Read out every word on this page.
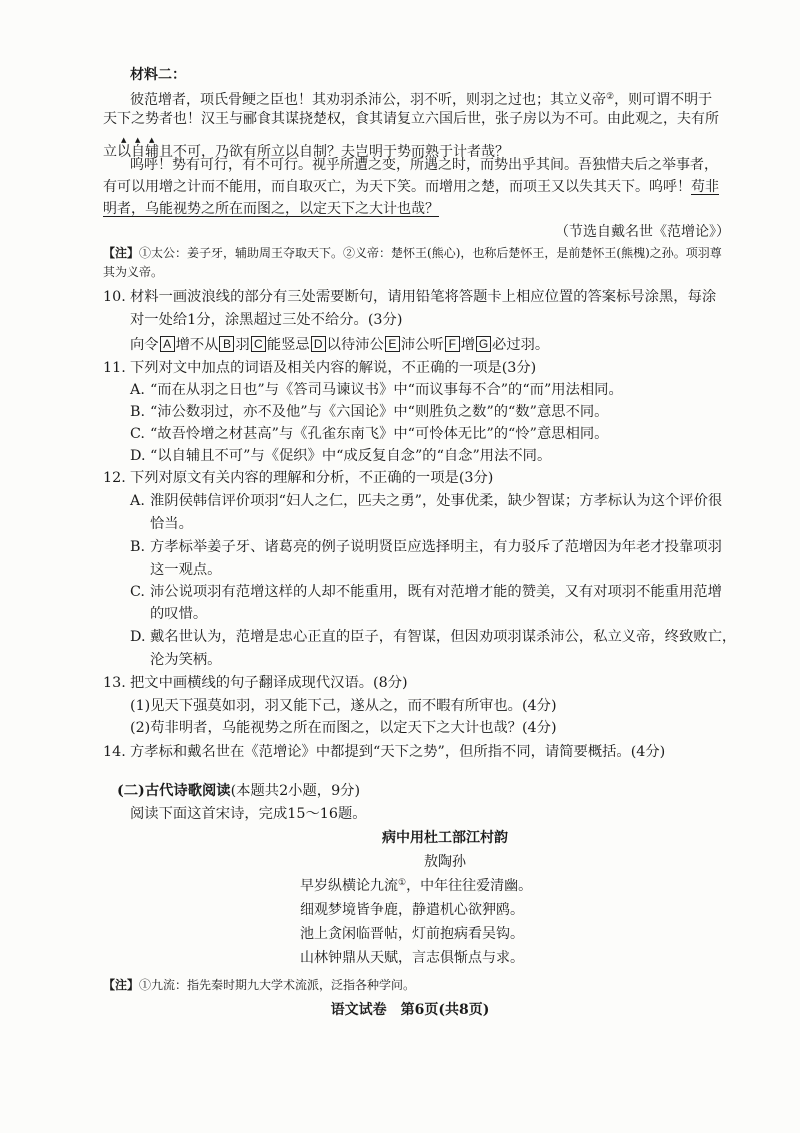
材料二：
彼范增者，项氏骨鲠之臣也！其劝羽杀沛公，羽不听，则羽之过也；其立义帝②，则可谓不明于
天下之势者也！汉王与郦食其谋挠楚权，食其请复立六国后世，张子房以为不可。由此观之，夫有所
立以自辅且不可，乃欲有所立以自制？夫岂明于势而熟于计者哉？
呜呼！势有可行，有不可行。视乎所遭之变，所遇之时，而势出乎其间。吾独惜夫后之举事者，
有可以用增之计而不能用，而自取灭亡，为天下笑。而增用之楚，而项王又以失其天下。呜呼！苟非
明者，乌能视势之所在而图之，以定天下之大计也哉？
（节选自戴名世《范增论》）
【注】①太公：姜子牙，辅助周王夺取天下。②义帝：楚怀王(熊心)，也称后楚怀王，是前楚怀王(熊槐)之孙。项羽尊
其为义帝。
10. 材料一画波浪线的部分有三处需要断句，请用铅笔将答题卡上相应位置的答案标号涂黑，每涂
对一处给1分，涂黑超过三处不给分。(3分)
向令 A 增不从 B 羽 C 能竖忌 D 以待沛公 E 沛公听 F 增 G 必过羽。
11. 下列对文中加点的词语及相关内容的解说，不正确的一项是(3分)
A. “而在从羽之日也”与《答司马谏议书》中“而议事每不合”的“而”用法相同。
B. “沛公数羽过，亦不及他”与《六国论》中“则胜负之数”的“数”意思不同。
C. “故吾怜增之材甚高”与《孔雀东南飞》中“可怜体无比”的“怜”意思相同。
D. “以自辅且不可”与《促织》中“成反复自念”的“自念”用法不同。
12. 下列对原文有关内容的理解和分析，不正确的一项是(3分)
A. 淮阴侯韩信评价项羽“妇人之仁，匹夫之勇”，处事优柔，缺少智谋；方孝标认为这个评价很
恰当。
B. 方孝标举姜子牙、诸葛亮的例子说明贤臣应选择明主，有力驳斥了范增因为年老才投靠项羽
这一观点。
C. 沛公说项羽有范增这样的人却不能重用，既有对范增才能的赞美，又有对项羽不能重用范增
的叹惜。
D. 戴名世认为，范增是忠心正直的臣子，有智谋，但因劝项羽谋杀沛公，私立义帝，终致败亡，
沦为笑柄。
13. 把文中画横线的句子翻译成现代汉语。(8分)
(1)见天下强莫如羽，羽又能下己，遂从之，而不暇有所审也。(4分)
(2)苟非明者，乌能视势之所在而图之，以定天下之大计也哉？(4分)
14. 方孝标和戴名世在《范增论》中都提到“天下之势”，但所指不同，请简要概括。(4分)
(二)古代诗歌阅读(本题共2小题，9分)
阅读下面这首宋诗，完成15～16题。
病中用杜工部江村韵
敖陶孙
早岁纵横论九流①，中年往往爱清幽。
细观梦境皆争鹿，静遣机心欲狎鸥。
池上贪闲临晋帖，灯前抱病看吴钩。
山林钟鼎从天赋，言志俱惭点与求。
【注】①九流：指先秦时期九大学术流派，泛指各种学问。
语文试卷 第6页(共8页)
